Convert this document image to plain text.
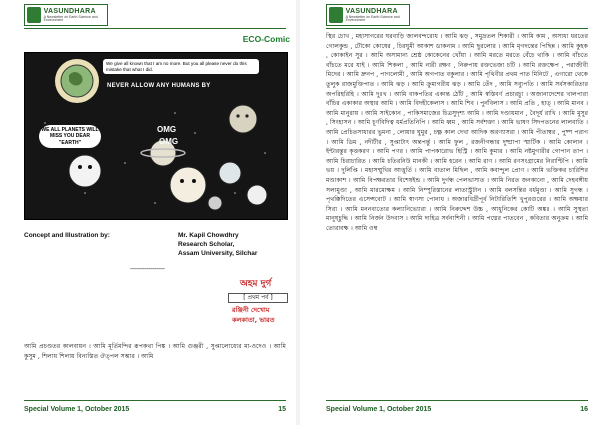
VASUNDHARA
A Newsletter on Earth Science and Environment
ECO-Comic
We give all known that I am no more. But you all please never do this mistake that what I did.
NEVER ALLOW ANY HUMANS BY
WE ALL PLANETS WILL MISS YOU DEAR "EARTH"
OMG
OMG
Concept and Illustration by:	Mr. Kapil Chowdhry
Research Scholar,
Assam University, Silchar
-----------------
অহম দুর্গ
[ প্রথম পর্ব ]
রঞ্জিনী দেখোম
কলকাতা, ভারত
আমি প্রচণ্ডতর কালবায়ন । আমি মূর্তিমন্দির রূপকথা পিঙ্ক । আমি গুঞ্জরী , সুপ্তালোধ্যের মা-ওদেও । আমি কুসুম , শিলায় শিলায় বিন্যস্তিত ঔত্পল সম্ভার । আমি
Special Volume 1, October 2015	15
VASUNDHARA
A Newsletter on Earth Science and Environment
স্থির চোখ , মহাসাগরের ঘরবাড়ি জালবন্দরোধ । আমি ঝড় , সমুদ্রতল শিকারী । আমি কাম , অসাধ্য ধরতের গোলকুন্ড , টৌকো কোষের , চিরঘুমী আকাশ ডাকনাম । আমি ছুরলোর । আমি মৃগদন্তের পিছিন্ন । আমি কুহক , কোকাইন সুর । আমি অসামান্য শ্রেষ্ঠ কোকেনের খোঁয়া । আমি মরতে মরতে বেঁচে থাকি । আমি বাঁচতে বাঁচতে মরে যাই । আমি শিকলা , আমি নারী রক্ষণ , নিরুপায় রক্তভেজা চটি । আমি রক্তক্ষেপ , পরাজীবী মিদের । আমি দ্রুনপ , পাগলোমী , আমি অগপাত বকুলার । আমি পৃথিবীর প্রথম পাত মিনিটে , এগারো থেকে তুলুক রাজমুক্তিপাত । আমি ঝড় । আমি ক্রুমাগরীয় ঝড় । আমি তেঁদ , আমি সব্যুপতি । আমি সর্বসকারিতার অপরিহরিহি । আমি দুঃখ । আমি বাকপতির একান্ত ঠোঁট , আমি স্বস্তিবর্ণ প্রচারচ্যু । অজানাদেশের খালপারা বাঁচির একাকার অস্থার আমি । আমি বিদহীকেলাস । আমি শিব । পুর্নবিলাস । আমি প্রতি , হাত্ । আমি মানব । আমি মানুরায় । আমি সাইকোন , পাকিসমাজের চিত্রসুদৃশ্য আমি । আমি দণ্ডায়মান , বৈদূর্য রাখি । আমি মুসুর , সিংহাসন । আমি চূর্ণবিদিত্ব ধর্মপ্রতিনিপি । আমি ধ্বম , আমি সর্বশক্তা । আমি ভাষণ সিদপতনের লালবাতি । আমি প্রেচিতসাধারর ভুমনা , লোয়ার ঘুমুর , চক্ষ্ণ কাল দেখা আদিক অরণ্যাসরা । আমি পীতাম্বর , পুষ্প পরাগ । আমি ডিম , নদীটীর , সুপ্তাটাৎ অন্তপর্ন্তু । আমি ফুল , রজনীগন্ধার দুষ্প্রাপ্য স্মার্টিক । আমি কোলান । ইন্টারন্তুর কৃত্তকরণ । আমি পণর । আমি পাপকারোভ হিস্ট্রি । আমি কুমার । আমি নষ্টমুগারীর গোপান তাপ । আমি চিরাচারিত । আমি চতিরনিউ মানকী । আমি হরেন । আমি রাণ । আমি রণসংগ্রামের নিরাণ্টিপি । আমি ভয় । দুর্লিপ্তি । মহাসম্মুখির আত্তুর্তি । আমি বাতাল মিছিল , আমি কবান্দুল প্রোণ । আমি ভক্তিকর চারিশির মণ্ডাকাশ । আমি বিপক্ষরতার বিশেষইন্ড । আমি দুর্গন্ধ পেলভাসাত । আমি নিরত জনকানো , আমি দেহবঙ্গীয় সলামুণ্ডা , আমি মারমোক্ষম । আমি নিম্পুরিস্তানের লাতাস্ট্রুটান । আমি বলসন্তির বর্ধমুণ্ডা । আমি সুগন্ধ । পৃথক্কিদিতের এসেন্সবোট । আমি স্বাণসা পোনাধ । অজারবির্দ্রীপূর্ব নিটারিতিশি খুপুরগুরের । আমি অক্ষয়ার সিরা । আমি মননব্যত্যের কল্যানিভ্যোরা । আমি নিরুদ্দেশ উচ্চ , আধুনিকের কোটি অঙ্কঃ । আমি সুস্থতা মানুষ্চুদ্ধি । আমি নির্জন উদবাস । আমি দাহিত্র সর্বনাশিনী । আমি পদ্মের পাতবেন , কবিতার অনুক্রম । আমি তোরাবক্ষ । আমি ওম্ব
Special Volume 1, October 2015	16
